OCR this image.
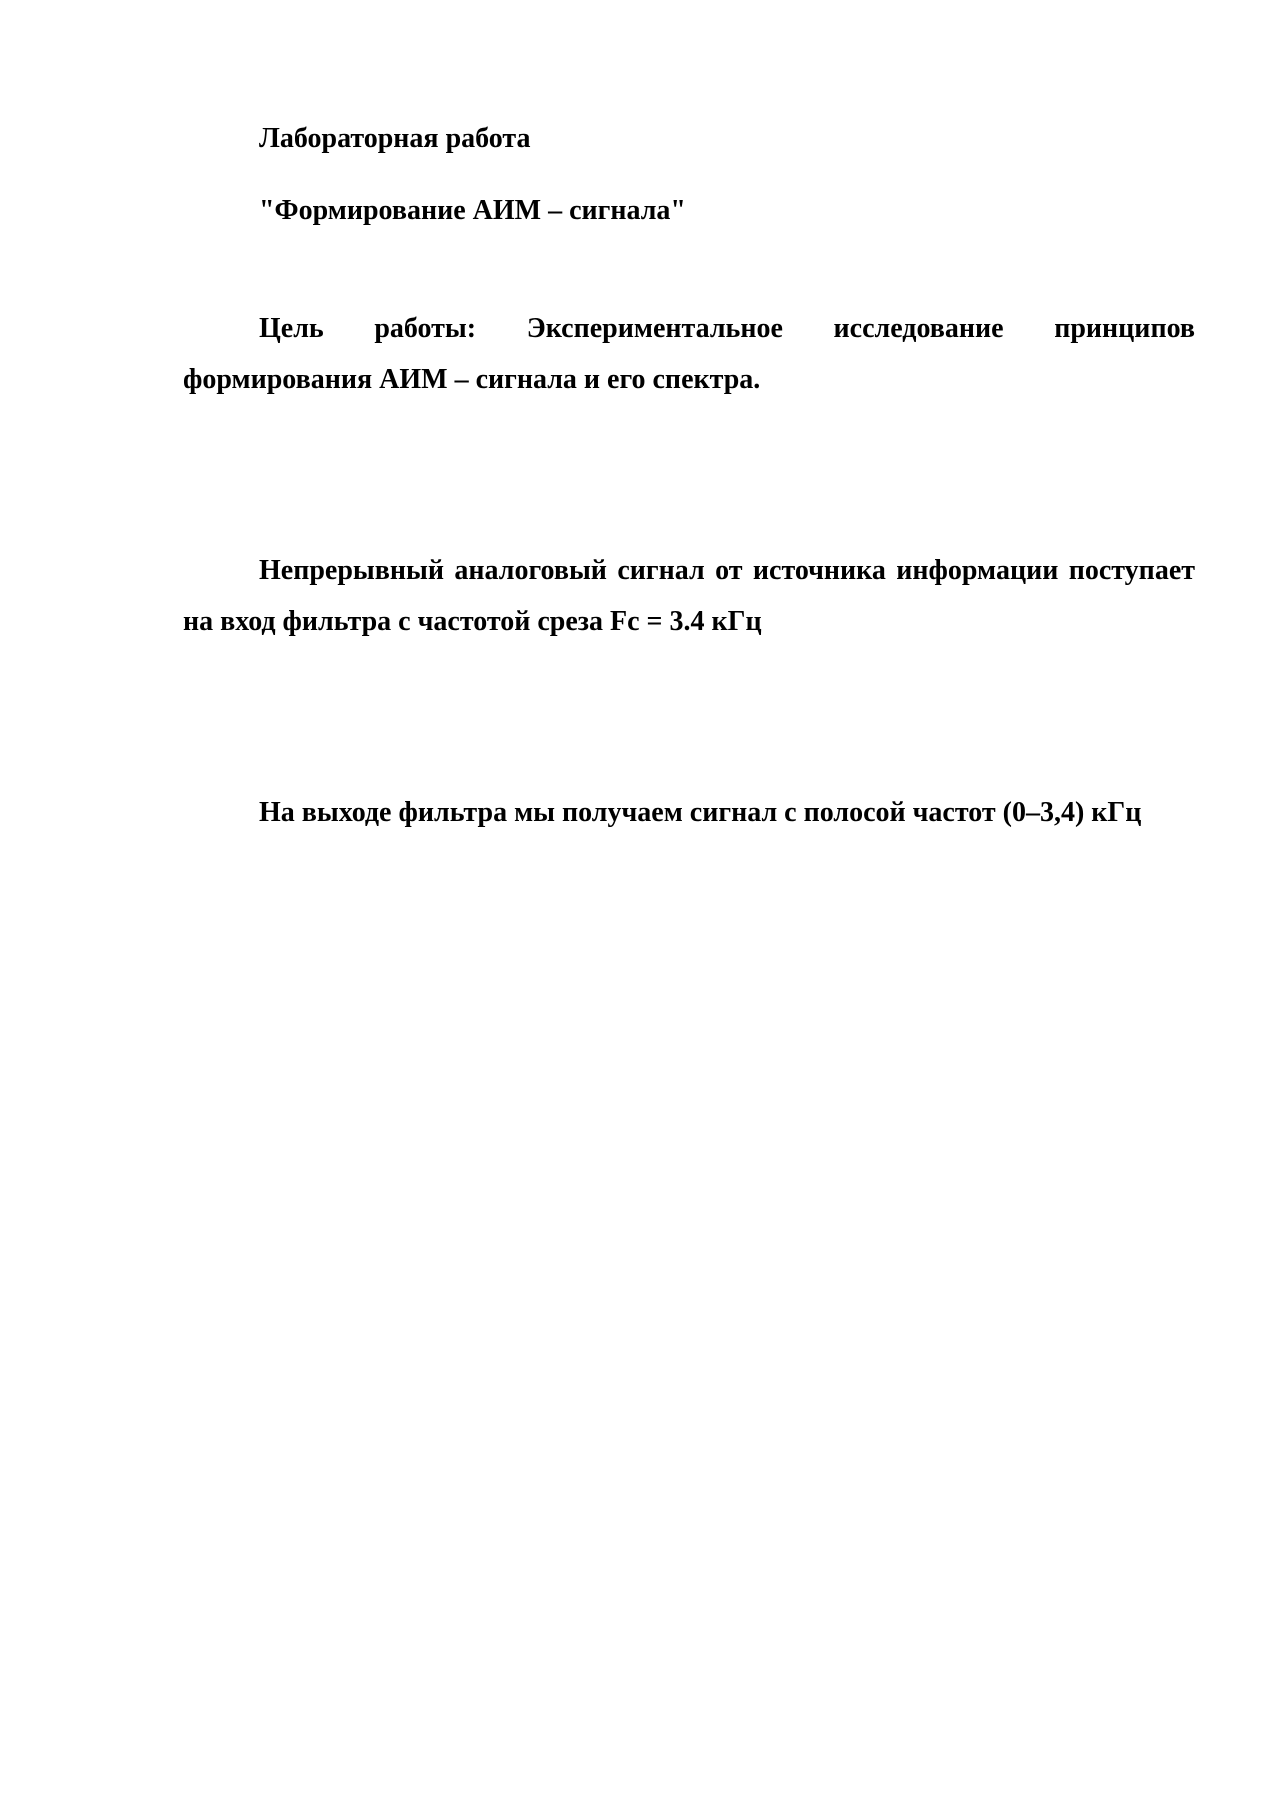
Лабораторная работа

"Формирование АИМ – сигнала"

Цель работы: Экспериментальное исследование принципов формирования АИМ – сигнала и его спектра.

Непрерывный аналоговый сигнал от источника информации поступает на вход фильтра с частотой среза Fc = 3.4 кГц

На выходе фильтра мы получаем сигнал с полосой частот (0–3,4) кГц
